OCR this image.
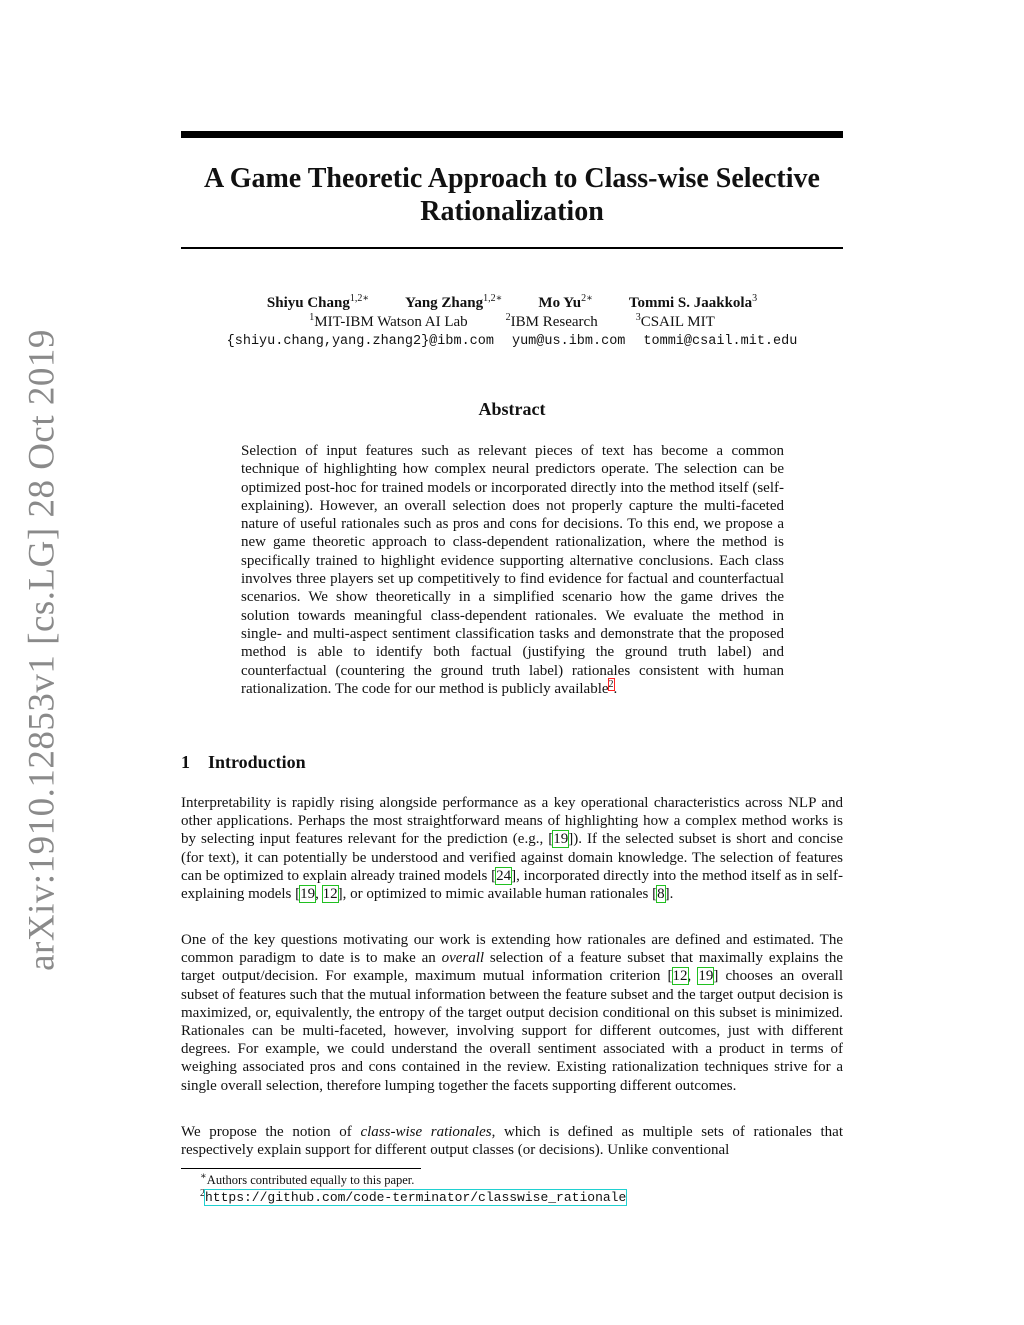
arXiv:1910.12853v1 [cs.LG] 28 Oct 2019
A Game Theoretic Approach to Class-wise Selective
Rationalization
Shiyu Chang$^{1,2∗}$ Yang Zhang$^{1,2∗}$ Mo $Yu^{2∗}$ Tommi S. Jaakkola$^3$
$^1$MIT-IBM Watson AI Lab	$^2$IBM Research	$^3$CSAIL MIT
{shiyu.chang,yang.zhang2}@ibm.com yum@us.ibm.com tommi@csail.mit.edu
Abstract

Selection of input features such as relevant pieces of text has become a common technique of highlighting how complex neural predictors operate. The selection can be optimized post-hoc for trained models or incorporated directly into the method itself (self-explaining). However, an overall selection does not properly capture the multi-faceted nature of useful rationales such as pros and cons for decisions. To this end, we propose a new game theoretic approach to class-dependent rationalization, where the method is specifically trained to highlight evidence supporting alternative conclusions. Each class involves three players set up competitively to find evidence for factual and counterfactual scenarios. We show theoretically in a simplified scenario how the game drives the solution towards meaningful class-dependent rationales. We evaluate the method in single- and multi-aspect sentiment classification tasks and demonstrate that the proposed method is able to identify both factual (justifying the ground truth label) and counterfactual (countering the ground truth label) rationales consistent with human rationalization. The code for our method is publicly available$^2$.

1 Introduction

Interpretability is rapidly rising alongside performance as a key operational characteristics across NLP and other applications. Perhaps the most straightforward means of highlighting how a complex method works is by selecting input features relevant for the prediction (e.g., [19]). If the selected subset is short and concise (for text), it can potentially be understood and verified against domain knowledge. The selection of features can be optimized to explain already trained models [24], incorporated directly into the method itself as in self-explaining models [19, 12], or optimized to mimic available human rationales [8].

One of the key questions motivating our work is extending how rationales are defined and estimated. The common paradigm to date is to make an overall selection of a feature subset that maximally explains the target output/decision. For example, maximum mutual information criterion [12, 19] chooses an overall subset of features such that the mutual information between the feature subset and the target output decision is maximized, or, equivalently, the entropy of the target output decision conditional on this subset is minimized. Rationales can be multi-faceted, however, involving support for different outcomes, just with different degrees. For example, we could understand the overall sentiment associated with a product in terms of weighing associated pros and cons contained in the review. Existing rationalization techniques strive for a single overall selection, therefore lumping together the facets supporting different outcomes.

We propose the notion of class-wise rationales, which is defined as multiple sets of rationales that respectively explain support for different output classes (or decisions). Unlike conventional

∗Authors contributed equally to this paper.

$^2$https://github.com/code-terminator/classwise_rationale
